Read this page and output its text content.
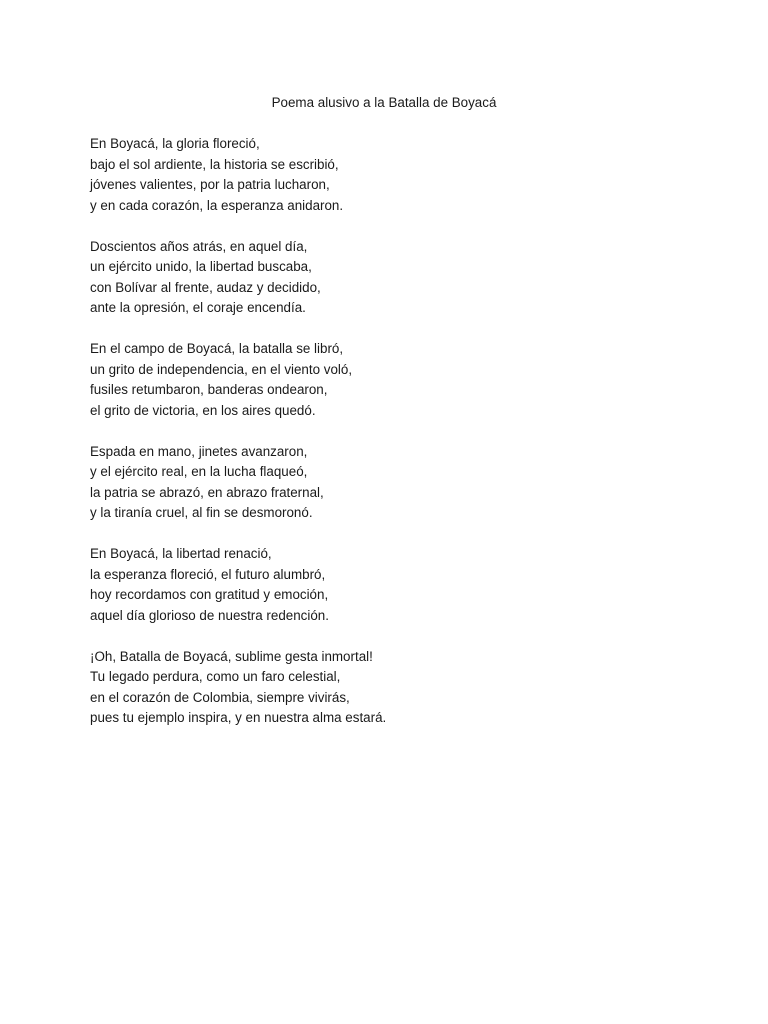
Poema alusivo a la Batalla de Boyacá
En Boyacá, la gloria floreció,
bajo el sol ardiente, la historia se escribió,
jóvenes valientes, por la patria lucharon,
y en cada corazón, la esperanza anidaron.
Doscientos años atrás, en aquel día,
un ejército unido, la libertad buscaba,
con Bolívar al frente, audaz y decidido,
ante la opresión, el coraje encendía.
En el campo de Boyacá, la batalla se libró,
un grito de independencia, en el viento voló,
fusiles retumbaron, banderas ondearon,
el grito de victoria, en los aires quedó.
Espada en mano, jinetes avanzaron,
y el ejército real, en la lucha flaqueó,
la patria se abrazó, en abrazo fraternal,
y la tiranía cruel, al fin se desmoronó.
En Boyacá, la libertad renació,
la esperanza floreció, el futuro alumbró,
hoy recordamos con gratitud y emoción,
aquel día glorioso de nuestra redención.
¡Oh, Batalla de Boyacá, sublime gesta inmortal!
Tu legado perdura, como un faro celestial,
en el corazón de Colombia, siempre vivirás,
pues tu ejemplo inspira, y en nuestra alma estará.
